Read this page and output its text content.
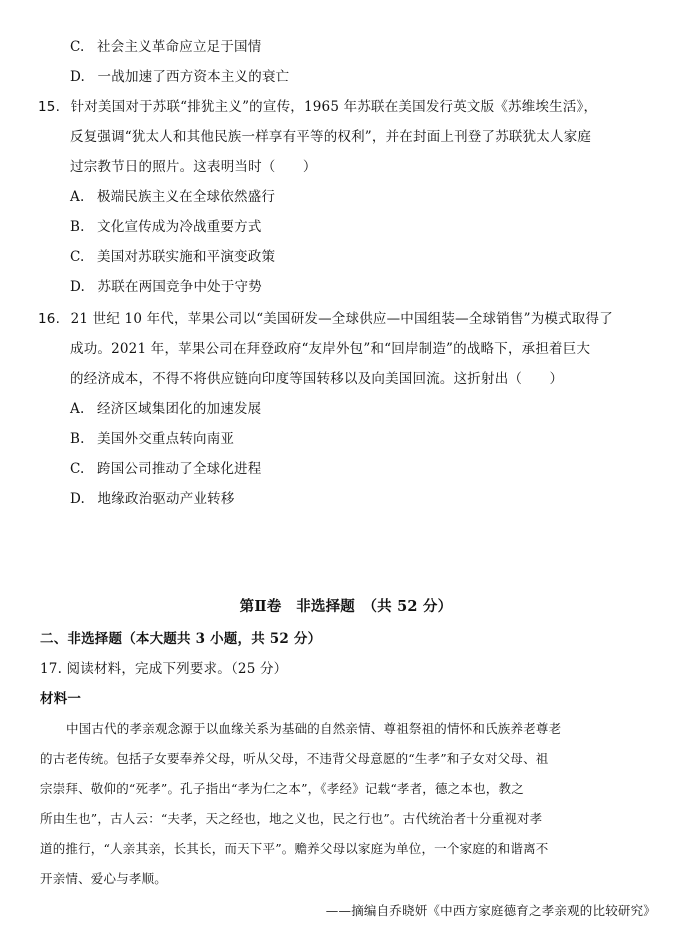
C. 社会主义革命应立足于国情
D. 一战加速了西方资本主义的衰亡
15. 针对美国对于苏联“排犹主义”的宣传，1965 年苏联在美国发行英文版《苏维埃生活》，
反复强调“犹太人和其他民族一样享有平等的权利”，并在封面上刊登了苏联犹太人家庭
过宗教节日的照片。这表明当时（　　）
A. 极端民族主义在全球依然盛行
B. 文化宣传成为冷战重要方式
C. 美国对苏联实施和平演变政策
D. 苏联在两国竞争中处于守势
16. 21 世纪 10 年代，苹果公司以“美国研发—全球供应—中国组装—全球销售”为模式取得了
成功。2021 年，苹果公司在拜登政府“友岸外包”和“回岸制造”的战略下，承担着巨大
的经济成本，不得不将供应链向印度等国转移以及向美国回流。这折射出（　　）
A. 经济区域集团化的加速发展
B. 美国外交重点转向南亚
C. 跨国公司推动了全球化进程
D. 地缘政治驱动产业转移
第Ⅱ卷　非选择题　（共 52 分）
二、非选择题（本大题共 3 小题，共 52 分）
17. 阅读材料，完成下列要求。（25 分）
材料一
中国古代的孝亲观念源于以血缘关系为基础的自然亲情、尊祖祭祖的情怀和氏族养老尊老
的古老传统。包括子女要奉养父母，听从父母，不违背父母意愿的“生孝”和子女对父母、祖
宗崇拜、敬仰的“死孝”。孔子指出“孝为仁之本”，《孝经》记载“孝者，德之本也，教之
所由生也”，古人云：“夫孝，天之经也，地之义也，民之行也”。古代统治者十分重视对孝
道的推行，“人亲其亲，长其长，而天下平”。赡养父母以家庭为单位，一个家庭的和谐离不
开亲情、爱心与孝顺。
——摘编自乔晓妍《中西方家庭德育之孝亲观的比较研究》
